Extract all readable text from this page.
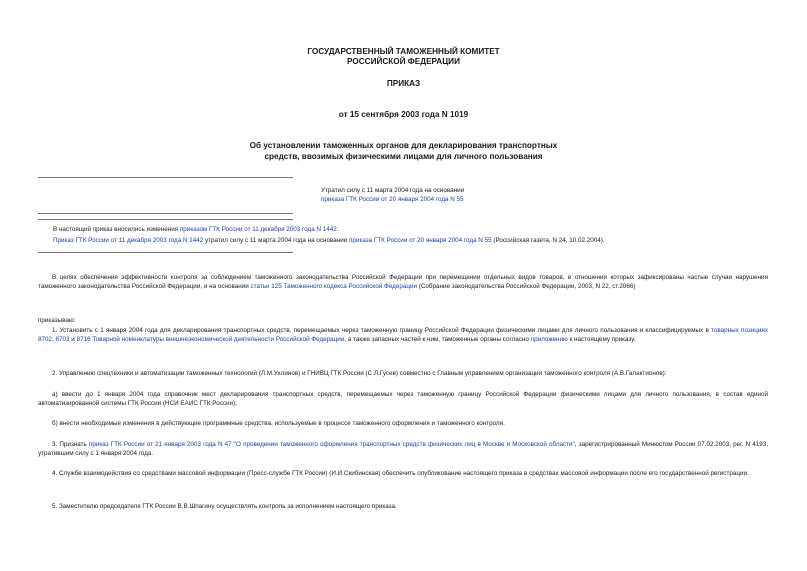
ГОСУДАРСТВЕННЫЙ ТАМОЖЕННЫЙ КОМИТЕТ
РОССИЙСКОЙ ФЕДЕРАЦИИ
ПРИКАЗ
от 15 сентября 2003 года N 1019
Об установлении таможенных органов для декларирования транспортных
средств, ввозимых физическими лицами для личного пользования
Утратил силу с 11 марта 2004 года на основании
приказа ГТК России от 20 января 2004 года N 55
В настоящий приказ вносились изменения приказом ГТК России от 11 декабря 2003 года N 1442.
Приказ ГТК России от 11 декабря 2003 года N 1442 утратил силу с 11 марта 2004 года на основании приказа ГТК России от 20 января 2004 года N 55 (Российская газета, N 24, 10.02.2004).
В целях обеспечения эффективности контроля за соблюдением таможенного законодательства Российской Федерации при перемещении отдельных видов товаров, в отношении которых зафиксированы частые случаи нарушения таможенного законодательства Российской Федерации, и на основании статьи 125 Таможенного кодекса Российской Федерации (Собрание законодательства Российской Федерации, 2003, N 22, ст.2066)
приказываю:
1. Установить с 1 января 2004 года для декларирования транспортных средств, перемещаемых через таможенную границу Российской Федерации физическими лицами для личного пользования и классифицируемых в товарных позициях 8702, 8703 и 8716 Товарной номенклатуры внешнеэкономической деятельности Российской Федерации, а также запасных частей к ним, таможенные органы согласно приложению к настоящему приказу.
2. Управлению спецтехники и автоматизации таможенных технологий (Л.М.Ухлинов) и ГНИВЦ ГТК России (С.Л.Гусев) совместно с Главным управлением организации таможенного контроля (А.В.Галактионов):
а) ввести до 1 января 2004 года справочник мест декларирования транспортных средств, перемещаемых через таможенную границу Российской Федерации физическими лицами для личного пользования, в состав единой автоматизированной системы ГТК России (НСИ ЕАИС ГТК России);
б) внести необходимые изменения в действующие программные средства, используемые в процессе таможенного оформления и таможенного контроля.
3. Признать приказ ГТК России от 21 января 2003 года N 47 "О проведении таможенного оформления транспортных средств физических лиц в Москве и Московской области", зарегистрированный Минюстом России 07.02.2003, рег. N 4193, утратившим силу с 1 января 2004 года.
4. Службе взаимодействия со средствами массовой информации (Пресс-службе ГТК России) (И.И.Скибинская) обеспечить опубликование настоящего приказа в средствах массовой информации после его государственной регистрации.
5. Заместителю председателя ГТК России В.В.Шпагину осуществлять контроль за исполнением настоящего приказа.
